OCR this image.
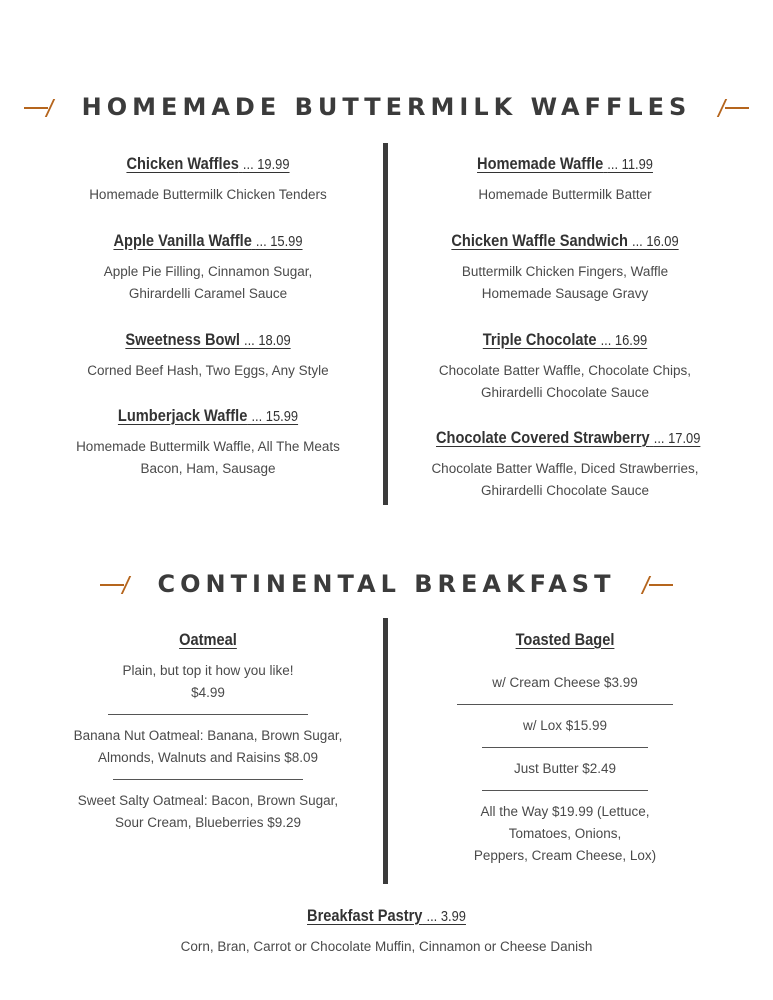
HOMEMADE BUTTERMILK WAFFLES
Chicken Waffles ... 19.99
Homemade Buttermilk Chicken Tenders
Apple Vanilla Waffle ... 15.99
Apple Pie Filling, Cinnamon Sugar,
Ghirardelli Caramel Sauce
Sweetness Bowl ... 18.09
Corned Beef Hash, Two Eggs, Any Style
Lumberjack Waffle ... 15.99
Homemade Buttermilk Waffle, All The Meats
Bacon, Ham, Sausage
Homemade Waffle ... 11.99
Homemade Buttermilk Batter
Chicken Waffle Sandwich ... 16.09
Buttermilk Chicken Fingers, Waffle
Homemade Sausage Gravy
Triple Chocolate ... 16.99
Chocolate Batter Waffle, Chocolate Chips,
Ghirardelli Chocolate Sauce
Chocolate Covered Strawberry ... 17.09
Chocolate Batter Waffle, Diced Strawberries,
Ghirardelli Chocolate Sauce
CONTINENTAL BREAKFAST
Oatmeal
Plain, but top it how you like!
$4.99
Banana Nut Oatmeal: Banana, Brown Sugar,
Almonds, Walnuts and Raisins $8.09
Sweet Salty Oatmeal: Bacon, Brown Sugar,
Sour Cream, Blueberries $9.29
Toasted Bagel
w/ Cream Cheese $3.99
w/ Lox $15.99
Just Butter $2.49
All the Way $19.99 (Lettuce,
Tomatoes, Onions,
Peppers, Cream Cheese, Lox)
Breakfast Pastry ... 3.99
Corn, Bran, Carrot or Chocolate Muffin, Cinnamon or Cheese Danish
